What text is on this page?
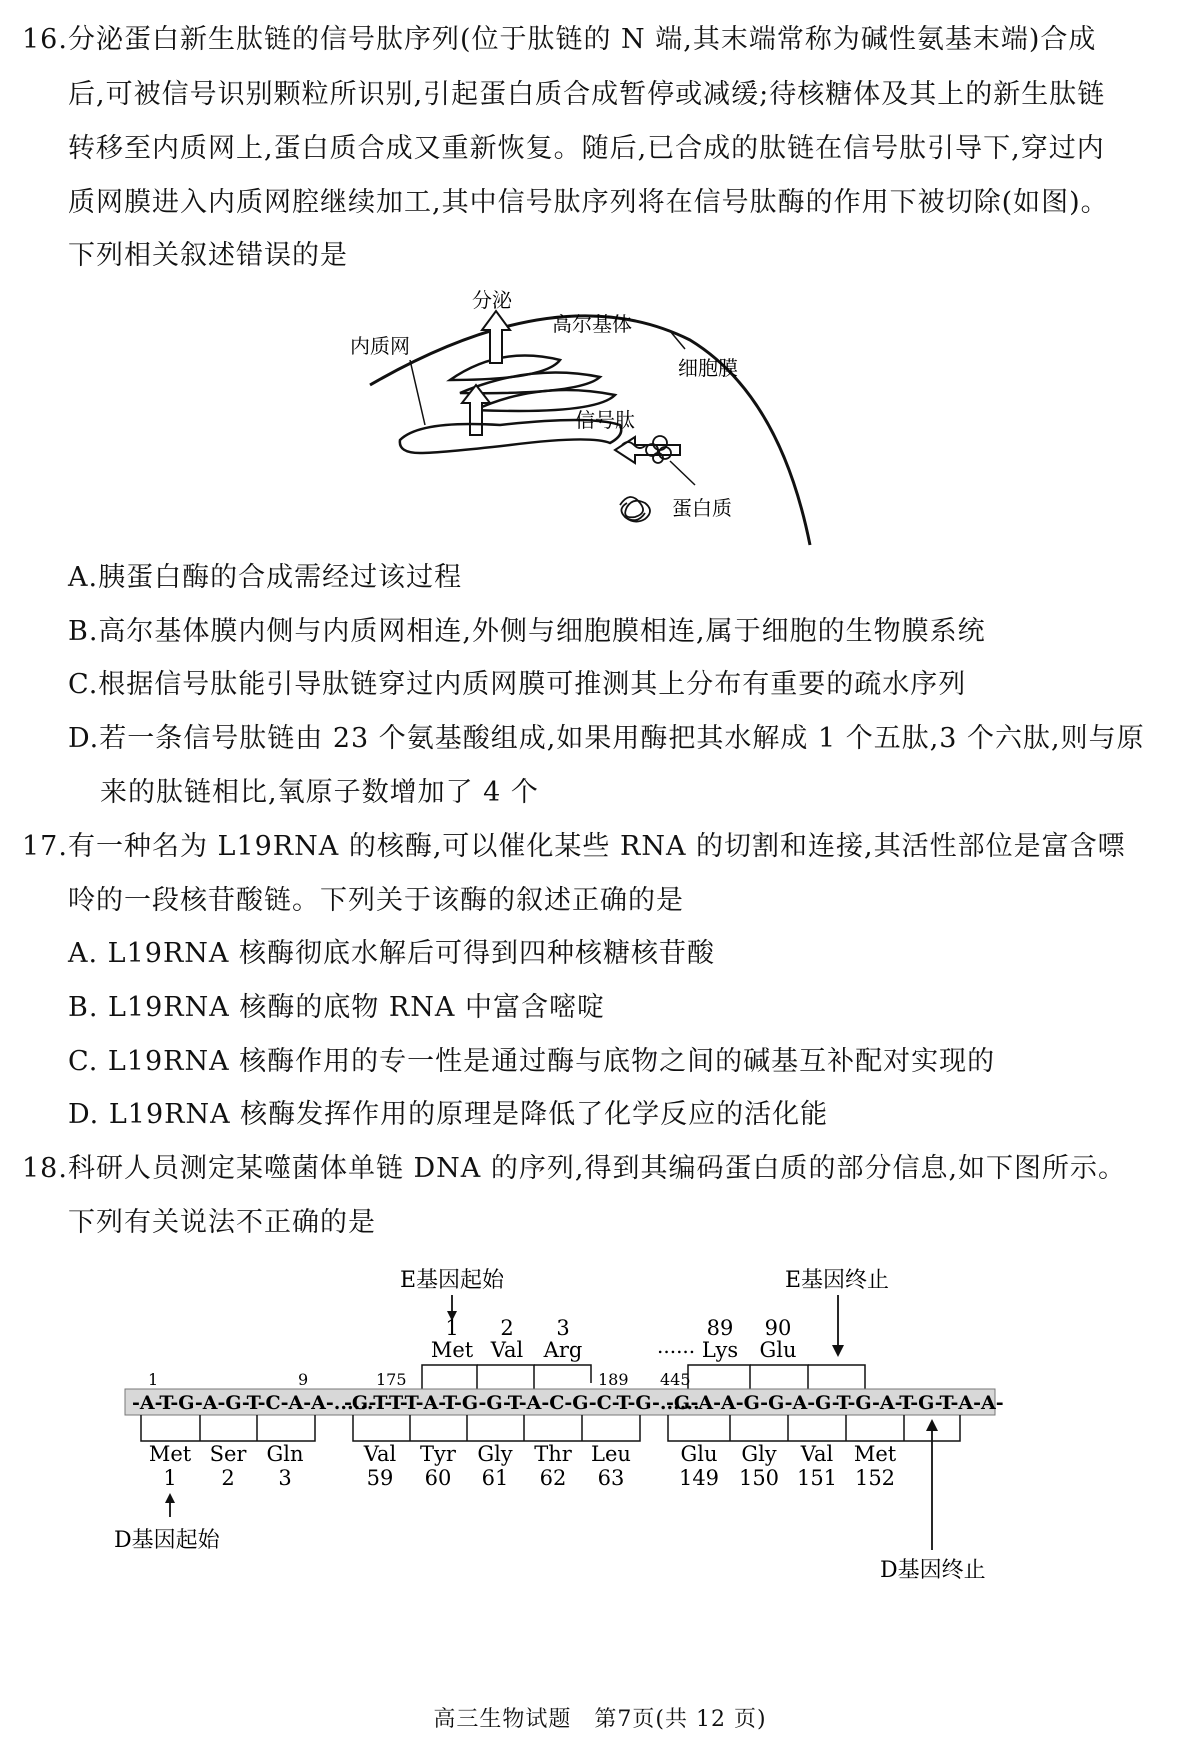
16.分泌蛋白新生肽链的信号肽序列(位于肽链的 N 端,其末端常称为碱性氨基末端)合成
后,可被信号识别颗粒所识别,引起蛋白质合成暂停或减缓;待核糖体及其上的新生肽链
转移至内质网上,蛋白质合成又重新恢复。随后,已合成的肽链在信号肽引导下,穿过内
质网膜进入内质网腔继续加工,其中信号肽序列将在信号肽酶的作用下被切除(如图)。
下列相关叙述错误的是
分泌
高尔基体
内质网
细胞膜
信号肽
蛋白质
A.胰蛋白酶的合成需经过该过程
B.高尔基体膜内侧与内质网相连,外侧与细胞膜相连,属于细胞的生物膜系统
C.根据信号肽能引导肽链穿过内质网膜可推测其上分布有重要的疏水序列
D.若一条信号肽链由 23 个氨基酸组成,如果用酶把其水解成 1 个五肽,3 个六肽,则与原
来的肽链相比,氧原子数增加了 4 个
17.有一种名为 L19RNA 的核酶,可以催化某些 RNA 的切割和连接,其活性部位是富含嘌
呤的一段核苷酸链。下列关于该酶的叙述正确的是
A. L19RNA 核酶彻底水解后可得到四种核糖核苷酸
B. L19RNA 核酶的底物 RNA 中富含嘧啶
C. L19RNA 核酶作用的专一性是通过酶与底物之间的碱基互补配对实现的
D. L19RNA 核酶发挥作用的原理是降低了化学反应的活化能
18.科研人员测定某噬菌体单链 DNA 的序列,得到其编码蛋白质的部分信息,如下图所示。
下列有关说法不正确的是
E基因起始	E基因终止
1
Met
2
Val
3
Arg
89
Lys
90
Glu
......
1	9	175	189 445
-A-T-G-A-G-T-C-A-A-......
-G-T-T-T-A-T-G-G-T-A-C-G-C-T-G-......
-G-A-A-G-G-A-G-T-G-A-T-G-T-A-A-
Met
1
Ser
2
Gln
3
Val
59
Tyr
60
Gly
61
Thr
62
Leu
63
Glu
149
Gly
150
Val
151
Met
152
D基因起始
D基因终止
高三生物试题　第7页(共 12 页)
